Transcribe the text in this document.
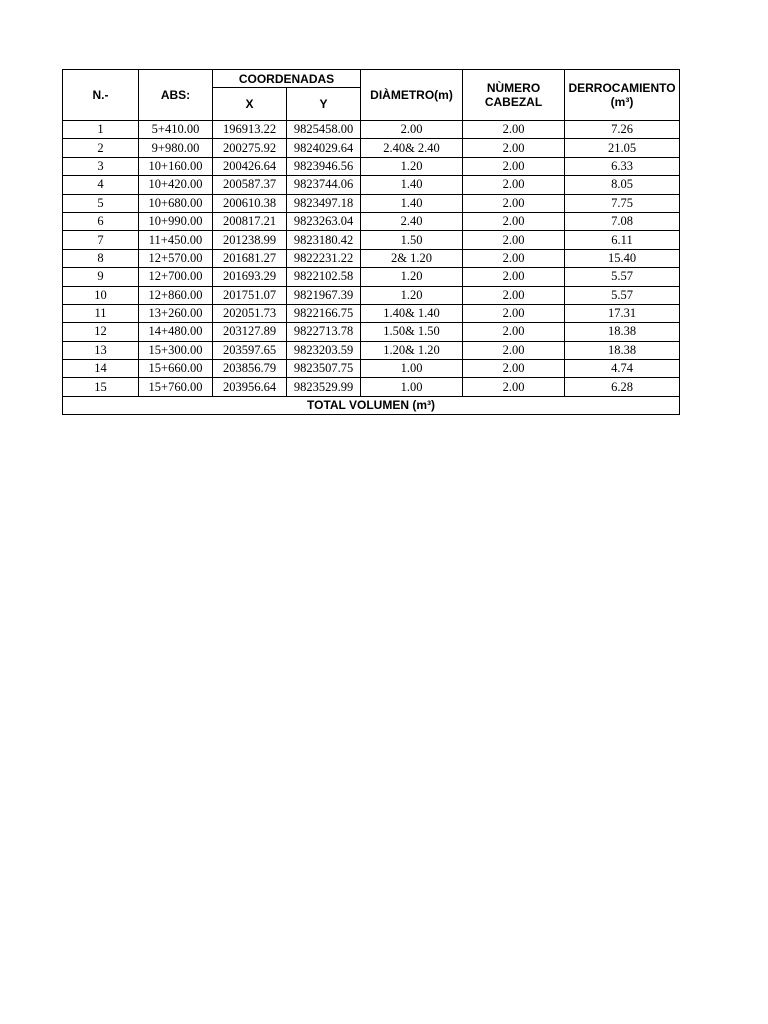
N.-	ABS:	COORDENADAS		DIÀMETRO(m)	NÙMERO CABEZAL	DERROCAMIENTO (m³)
		X	Y			
1	5+410.00	196913.22	9825458.00	2.00	2.00	7.26
2	9+980.00	200275.92	9824029.64	2.40& 2.40	2.00	21.05
3	10+160.00	200426.64	9823946.56	1.20	2.00	6.33
4	10+420.00	200587.37	9823744.06	1.40	2.00	8.05
5	10+680.00	200610.38	9823497.18	1.40	2.00	7.75
6	10+990.00	200817.21	9823263.04	2.40	2.00	7.08
7	11+450.00	201238.99	9823180.42	1.50	2.00	6.11
8	12+570.00	201681.27	9822231.22	2& 1.20	2.00	15.40
9	12+700.00	201693.29	9822102.58	1.20	2.00	5.57
10	12+860.00	201751.07	9821967.39	1.20	2.00	5.57
11	13+260.00	202051.73	9822166.75	1.40& 1.40	2.00	17.31
12	14+480.00	203127.89	9822713.78	1.50& 1.50	2.00	18.38
13	15+300.00	203597.65	9823203.59	1.20& 1.20	2.00	18.38
14	15+660.00	203856.79	9823507.75	1.00	2.00	4.74
15	15+760.00	203956.64	9823529.99	1.00	2.00	6.28
TOTAL VOLUMEN (m³)						
